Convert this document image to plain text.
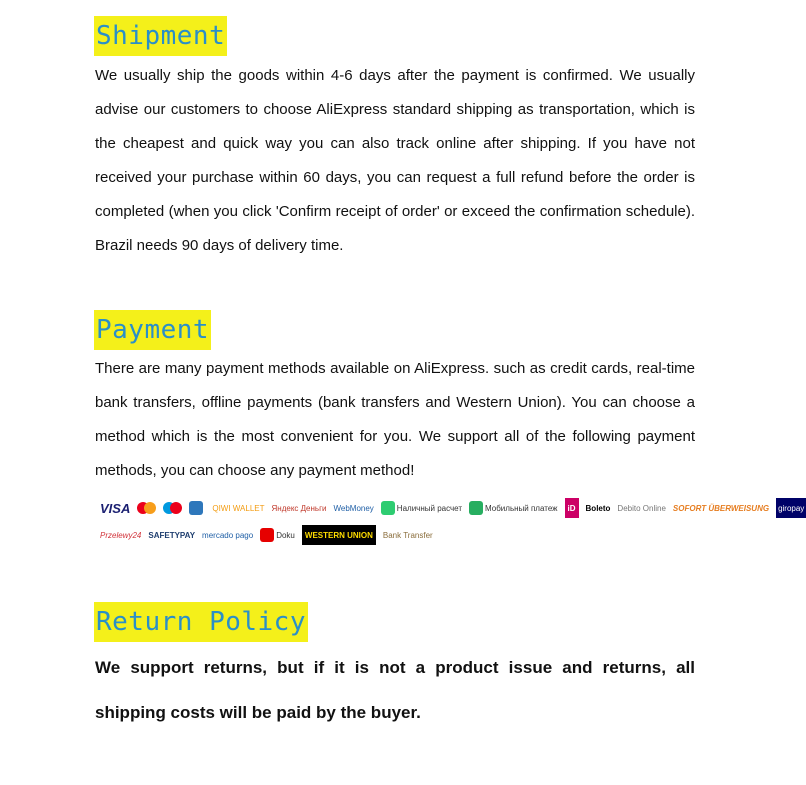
Shipment
We usually ship the goods within 4-6 days after the payment is confirmed. We usually advise our customers to choose AliExpress standard shipping as transportation, which is the cheapest and quick way you can also track online after shipping. If you have not received your purchase within 60 days, you can request a full refund before the order is completed (when you click 'Confirm receipt of order' or exceed the confirmation schedule). Brazil needs 90 days of delivery time.
Payment
There are many payment methods available on AliExpress. such as credit cards, real-time bank transfers, offline payments (bank transfers and Western Union). You can choose a method which is the most convenient for you. We support all of the following payment methods, you can choose any payment method!
VISA	QIWI WALLET Яндекс Деньги WebMoney	Наличный расчет	Мобильный платеж	iD	Boleto Debito Online SOFORT ÜBERWEISUNG giropay
Przelewy24 SAFETYPAY mercado pago	Doku	WESTERN UNION	Bank Transfer
Return Policy
We support returns, but if it is not a product issue and returns, all shipping costs will be paid by the buyer.
